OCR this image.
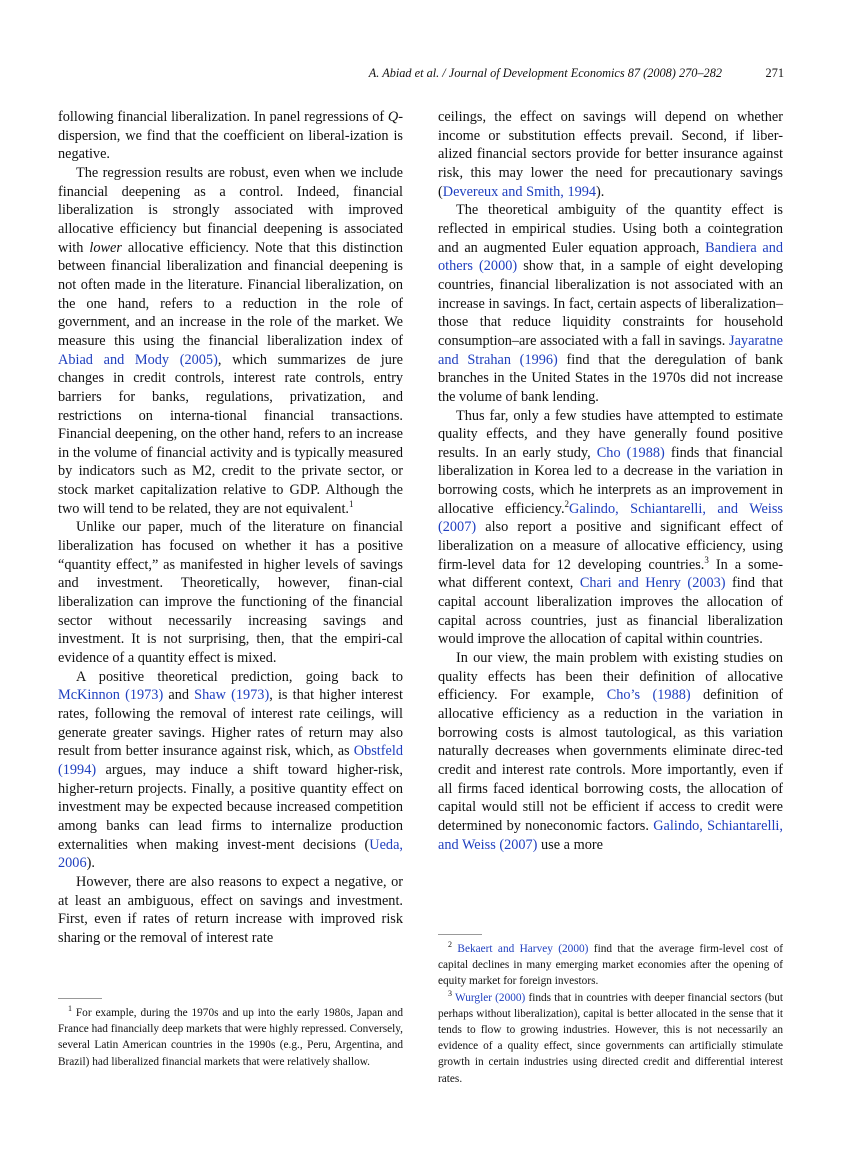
A. Abiad et al. / Journal of Development Economics 87 (2008) 270–282	271

following financial liberalization. In panel regressions of Q-dispersion, we find that the coefficient on liberal-ization is negative.

The regression results are robust, even when we include financial deepening as a control. Indeed, financial liberalization is strongly associated with improved allocative efficiency but financial deepening is associated with lower allocative efficiency. Note that this distinction between financial liberalization and financial deepening is not often made in the literature. Financial liberalization, on the one hand, refers to a reduction in the role of government, and an increase in the role of the market. We measure this using the financial liberalization index of Abiad and Mody (2005), which summarizes de jure changes in credit controls, interest rate controls, entry barriers for banks, regulations, privatization, and restrictions on interna-tional financial transactions. Financial deepening, on the other hand, refers to an increase in the volume of financial activity and is typically measured by indicators such as M2, credit to the private sector, or stock market capitalization relative to GDP. Although the two will tend to be related, they are not equivalent.$^1$

Unlike our paper, much of the literature on financial liberalization has focused on whether it has a positive “quantity effect,” as manifested in higher levels of savings and investment. Theoretically, however, finan-cial liberalization can improve the functioning of the financial sector without necessarily increasing savings and investment. It is not surprising, then, that the empiri-cal evidence of a quantity effect is mixed.

A positive theoretical prediction, going back to McKinnon (1973) and Shaw (1973), is that higher interest rates, following the removal of interest rate ceilings, will generate greater savings. Higher rates of return may also result from better insurance against risk, which, as Obstfeld (1994) argues, may induce a shift toward higher-risk, higher-return projects. Finally, a positive quantity effect on investment may be expected because increased competition among banks can lead firms to internalize production externalities when making invest-ment decisions (Ueda, 2006).

However, there are also reasons to expect a negative, or at least an ambiguous, effect on savings and investment. First, even if rates of return increase with improved risk sharing or the removal of interest rate

ceilings, the effect on savings will depend on whether income or substitution effects prevail. Second, if liber-alized financial sectors provide for better insurance against risk, this may lower the need for precautionary savings (Devereux and Smith, 1994).

The theoretical ambiguity of the quantity effect is reflected in empirical studies. Using both a cointegration and an augmented Euler equation approach, Bandiera and others (2000) show that, in a sample of eight developing countries, financial liberalization is not associated with an increase in savings. In fact, certain aspects of liberalization–those that reduce liquidity constraints for household consumption–are associated with a fall in savings. Jayaratne and Strahan (1996) find that the deregulation of bank branches in the United States in the 1970s did not increase the volume of bank lending.

Thus far, only a few studies have attempted to estimate quality effects, and they have generally found positive results. In an early study, Cho (1988) finds that financial liberalization in Korea led to a decrease in the variation in borrowing costs, which he interprets as an improvement in allocative efficiency.$^2$Galindo, Schiantarelli, and Weiss (2007) also report a positive and significant effect of liberalization on a measure of allocative efficiency, using firm-level data for 12 developing countries.$^3$ In a some-what different context, Chari and Henry (2003) find that capital account liberalization improves the allocation of capital across countries, just as financial liberalization would improve the allocation of capital within countries.

In our view, the main problem with existing studies on quality effects has been their definition of allocative efficiency. For example, Cho’s (1988) definition of allocative efficiency as a reduction in the variation in borrowing costs is almost tautological, as this variation naturally decreases when governments eliminate direc-ted credit and interest rate controls. More importantly, even if all firms faced identical borrowing costs, the allocation of capital would still not be efficient if access to credit were determined by noneconomic factors. Galindo, Schiantarelli, and Weiss (2007) use a more

$^1$ For example, during the 1970s and up into the early 1980s, Japan and France had financially deep markets that were highly repressed. Conversely, several Latin American countries in the 1990s (e.g., Peru, Argentina, and Brazil) had liberalized financial markets that were relatively shallow.

$^2$ Bekaert and Harvey (2000) find that the average firm-level cost of capital declines in many emerging market economies after the opening of equity market for foreign investors.

$^3$ Wurgler (2000) finds that in countries with deeper financial sectors (but perhaps without liberalization), capital is better allocated in the sense that it tends to flow to growing industries. However, this is not necessarily an evidence of a quality effect, since governments can artificially stimulate growth in certain industries using directed credit and differential interest rates.
